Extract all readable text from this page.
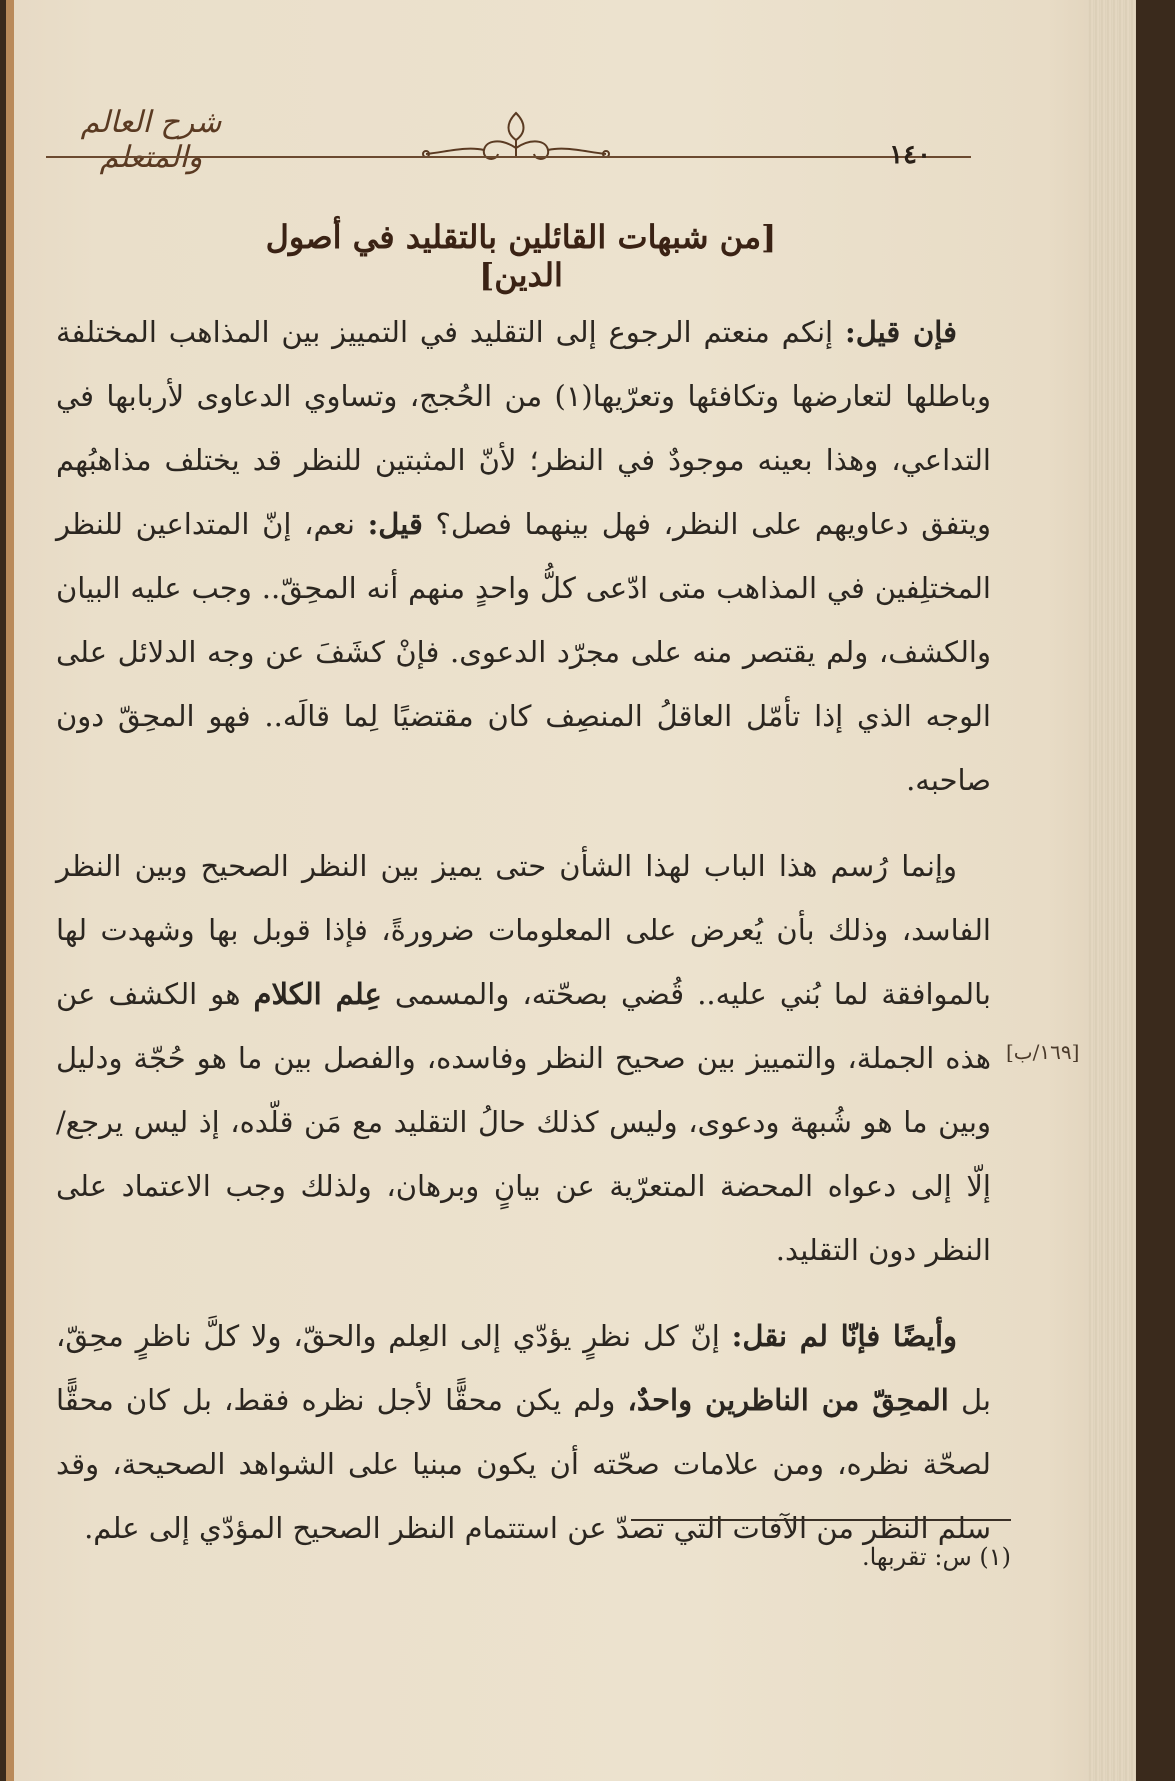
شرح العالم والمتعلم	١٤٠
[من شبهات القائلين بالتقليد في أصول الدين]

فإن قيل: إنكم منعتم الرجوع إلى التقليد في التمييز بين المذاهب المختلفة وباطلها لتعارضها وتكافئها وتعرّيها(١) من الحُجج، وتساوي الدعاوى لأربابها في التداعي، وهذا بعينه موجودٌ في النظر؛ لأنّ المثبتين للنظر قد يختلف مذاهبُهم ويتفق دعاويهم على النظر، فهل بينهما فصل؟ قيل: نعم، إنّ المتداعين للنظر المختلِفين في المذاهب متى ادّعى كلُّ واحدٍ منهم أنه المحِقّ.. وجب عليه البيان والكشف، ولم يقتصر منه على مجرّد الدعوى. فإنْ كشَفَ عن وجه الدلائل على الوجه الذي إذا تأمّل العاقلُ المنصِف كان مقتضيًا لِما قالَه.. فهو المحِقّ دون صاحبه.

وإنما رُسم هذا الباب لهذا الشأن حتى يميز بين النظر الصحيح وبين النظر الفاسد، وذلك بأن يُعرض على المعلومات ضرورةً، فإذا قوبل بها وشهدت لها بالموافقة لما بُني عليه.. قُضي بصحّته، والمسمى عِلم الكلام هو الكشف عن هذه الجملة، والتمييز بين صحيح النظر وفاسده، والفصل بين ما هو حُجّة ودليل وبين ما هو شُبهة ودعوى، وليس كذلك حالُ التقليد مع مَن قلّده، إذ ليس يرجع/ إلّا إلى دعواه المحضة المتعرّية عن بيانٍ وبرهان، ولذلك وجب الاعتماد على النظر دون التقليد.

وأيضًا فإنّا لم نقل: إنّ كل نظرٍ يؤدّي إلى العِلم والحقّ، ولا كلَّ ناظرٍ محِقّ، بل المحِقّ من الناظرين واحدٌ، ولم يكن محقًّا لأجل نظره فقط، بل كان محقًّا لصحّة نظره، ومن علامات صحّته أن يكون مبنيا على الشواهد الصحيحة، وقد سلم النظر من الآفات التي تصدّ عن استتمام النظر الصحيح المؤدّي إلى علم.

[١٦٩/ب]
(١) س: تقربها.
